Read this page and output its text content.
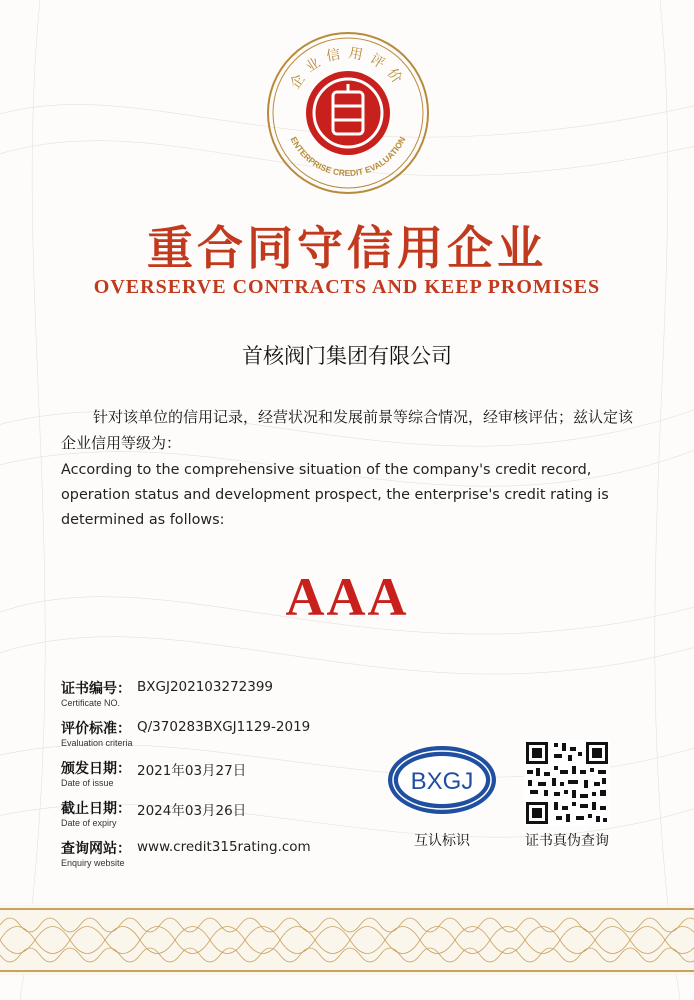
企业信用评价
ENTERPRISE CREDIT EVALUATION
重合同守信用企业
OVERSERVE CONTRACTS AND KEEP PROMISES
首核阀门集团有限公司
针对该单位的信用记录，经营状况和发展前景等综合情况，经审核评估；兹认定该企业信用等级为：
According to the comprehensive situation of the company's credit record, operation status and development prospect, the enterprise's credit rating is determined as follows:
AAA
证书编号：
Certificate NO.
BXGJ202103272399
评价标准：
Evaluation criteria
Q/370283BXGJ1129-2019
颁发日期：
Date of issue
2021年03月27日
截止日期：
Date of expiry
2024年03月26日
查询网站：
Enquiry website
www.credit315rating.com
BXGJ
互认标识	证书真伪查询
